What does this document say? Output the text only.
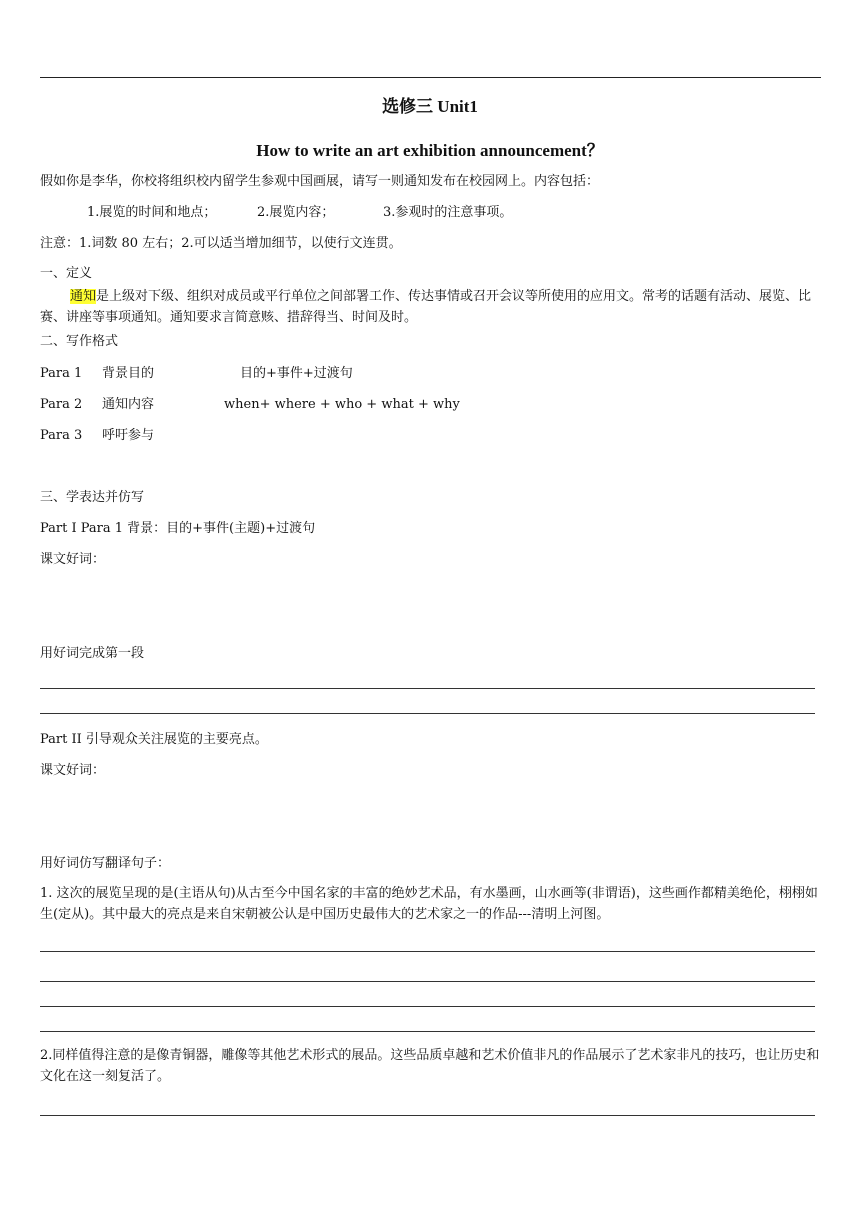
选修三 Unit1
How to write an art exhibition announcement？
假如你是李华，你校将组织校内留学生参观中国画展，请写一则通知发布在校园网上。内容包括：
1.展览的时间和地点；	2.展览内容；	3.参观时的注意事项。
注意：1.词数 80 左右；2.可以适当增加细节，以使行文连贯。
一、定义
通知是上级对下级、组织对成员或平行单位之间部署工作、传达事情或召开会议等所使用的应用文。常考的话题有活动、展览、比赛、讲座等事项通知。通知要求言简意赅、措辞得当、时间及时。
二、写作格式
Para 1 背景目的	目的+事件+过渡句
Para 2 通知内容	when+ where + who + what + why
Para 3 呼吁参与
三、学表达并仿写
Part I Para 1 背景：目的+事件(主题)+过渡句
课文好词：
用好词完成第一段
Part II 引导观众关注展览的主要亮点。
课文好词：
用好词仿写翻译句子：
1. 这次的展览呈现的是(主语从句)从古至今中国名家的丰富的绝妙艺术品，有水墨画，山水画等(非谓语)，这些画作都精美绝伦，栩栩如生(定从)。其中最大的亮点是来自宋朝被公认是中国历史最伟大的艺术家之一的作品---清明上河图。
2.同样值得注意的是像青铜器，雕像等其他艺术形式的展品。这些品质卓越和艺术价值非凡的作品展示了艺术家非凡的技巧，也让历史和文化在这一刻复活了。
